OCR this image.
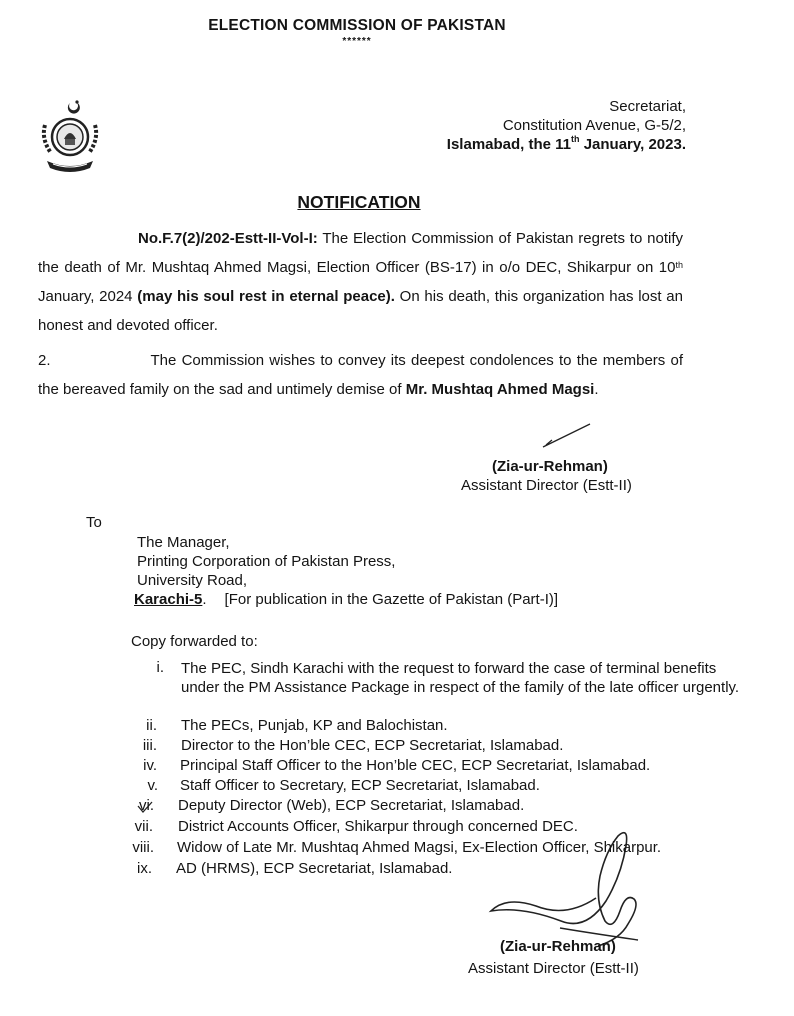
ELECTION COMMISSION OF PAKISTAN
******
Secretariat,
Constitution Avenue, G-5/2,
Islamabad, the 11th January, 2023.
NOTIFICATION
No.F.7(2)/202-Estt-II-Vol-I: The Election Commission of Pakistan regrets to notify the death of Mr. Mushtaq Ahmed Magsi, Election Officer (BS-17) in o/o DEC, Shikarpur on 10th January, 2024 (may his soul rest in eternal peace). On his death, this organization has lost an honest and devoted officer.
2.	The Commission wishes to convey its deepest condolences to the members of the bereaved family on the sad and untimely demise of Mr. Mushtaq Ahmed Magsi.
(Zia-ur-Rehman)
Assistant Director (Estt-II)
To
The Manager,
Printing Corporation of Pakistan Press,
University Road,
Karachi-5. [For publication in the Gazette of Pakistan (Part-I)]
Copy forwarded to:
i. The PEC, Sindh Karachi with the request to forward the case of terminal benefits under the PM Assistance Package in respect of the family of the late officer urgently.
ii. The PECs, Punjab, KP and Balochistan.
iii. Director to the Hon’ble CEC, ECP Secretariat, Islamabad.
iv. Principal Staff Officer to the Hon’ble CEC, ECP Secretariat, Islamabad.
v. Staff Officer to Secretary, ECP Secretariat, Islamabad.
vi. Deputy Director (Web), ECP Secretariat, Islamabad.
vii. District Accounts Officer, Shikarpur through concerned DEC.
viii. Widow of Late Mr. Mushtaq Ahmed Magsi, Ex-Election Officer, Shikarpur.
ix. AD (HRMS), ECP Secretariat, Islamabad.
(Zia-ur-Rehman)
Assistant Director (Estt-II)
